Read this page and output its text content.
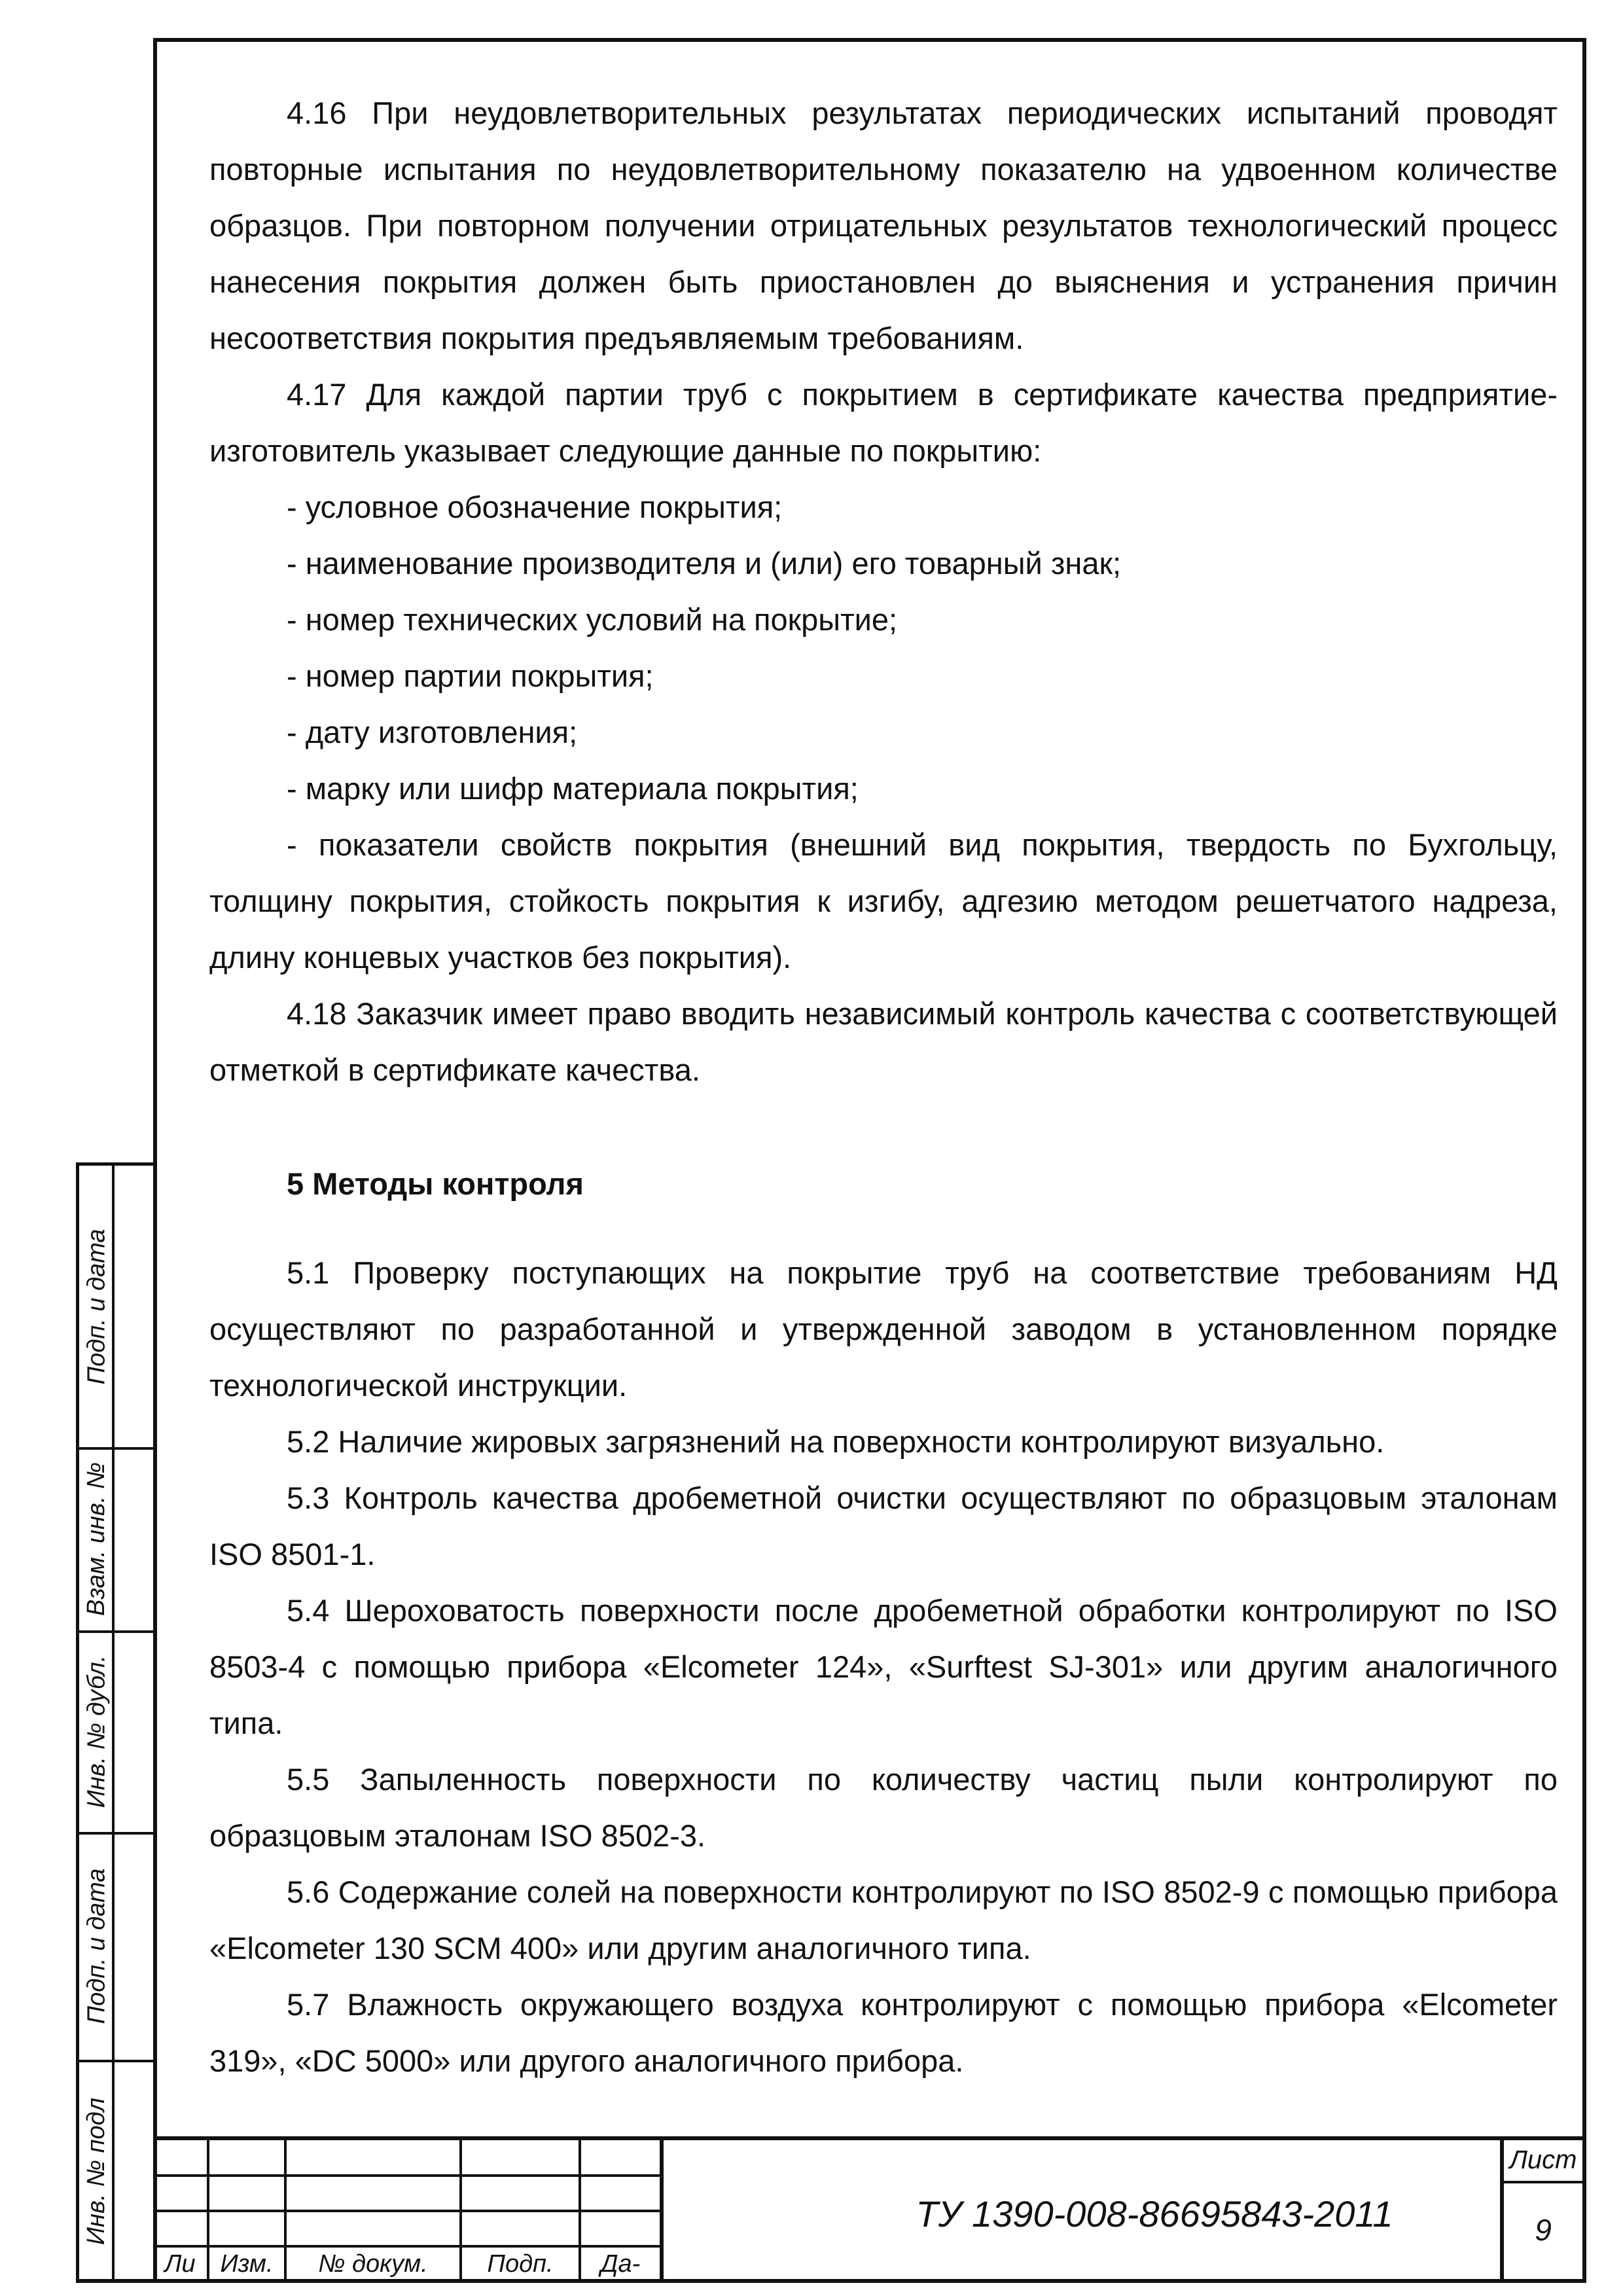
4.16 При неудовлетворительных результатах периодических испытаний проводят повторные испытания по неудовлетворительному показателю на удвоенном количестве образцов. При повторном получении отрицательных результатов технологический процесс нанесения покрытия должен быть приостановлен до выяснения и устранения причин несоответствия покрытия предъявляемым требованиям.

4.17 Для каждой партии труб с покрытием в сертификате качества предприятие-изготовитель указывает следующие данные по покрытию:

- условное обозначение покрытия;

- наименование производителя и (или) его товарный знак;

- номер технических условий на покрытие;

- номер партии покрытия;

- дату изготовления;

- марку или шифр материала покрытия;

- показатели свойств покрытия (внешний вид покрытия, твердость по Бухгольцу, толщину покрытия, стойкость покрытия к изгибу, адгезию методом решетчатого надреза, длину концевых участков без покрытия).

4.18 Заказчик имеет право вводить независимый контроль качества с соответствующей отметкой в сертификате качества.

5 Методы контроля

5.1 Проверку поступающих на покрытие труб на соответствие требованиям НД осуществляют по разработанной и утвержденной заводом в установленном порядке технологической инструкции.

5.2 Наличие жировых загрязнений на поверхности контролируют визуально.

5.3 Контроль качества дробеметной очистки осуществляют по образцовым эталонам ISO 8501-1.

5.4 Шероховатость поверхности после дробеметной обработки контролируют по ISO 8503-4 с помощью прибора «Elcometer 124», «Surftest SJ-301» или другим аналогичного типа.

5.5 Запыленность поверхности по количеству частиц пыли контролируют по образцовым эталонам ISO 8502-3.

5.6 Содержание солей на поверхности контролируют по ISO 8502-9 с помощью прибора «Elcometer 130 SCM 400» или другим аналогичного типа.

5.7 Влажность окружающего воздуха контролируют с помощью прибора «Elcometer 319», «DC 5000» или другого аналогичного прибора.

Подп. и дата
Взам. инв. №
Инв. № дубл.
Подп. и дата
Инв. № подл
Ли Изм.	№ докум.	Подп.	Да-
ТУ 1390-008-86695843-2011
Лист
9
